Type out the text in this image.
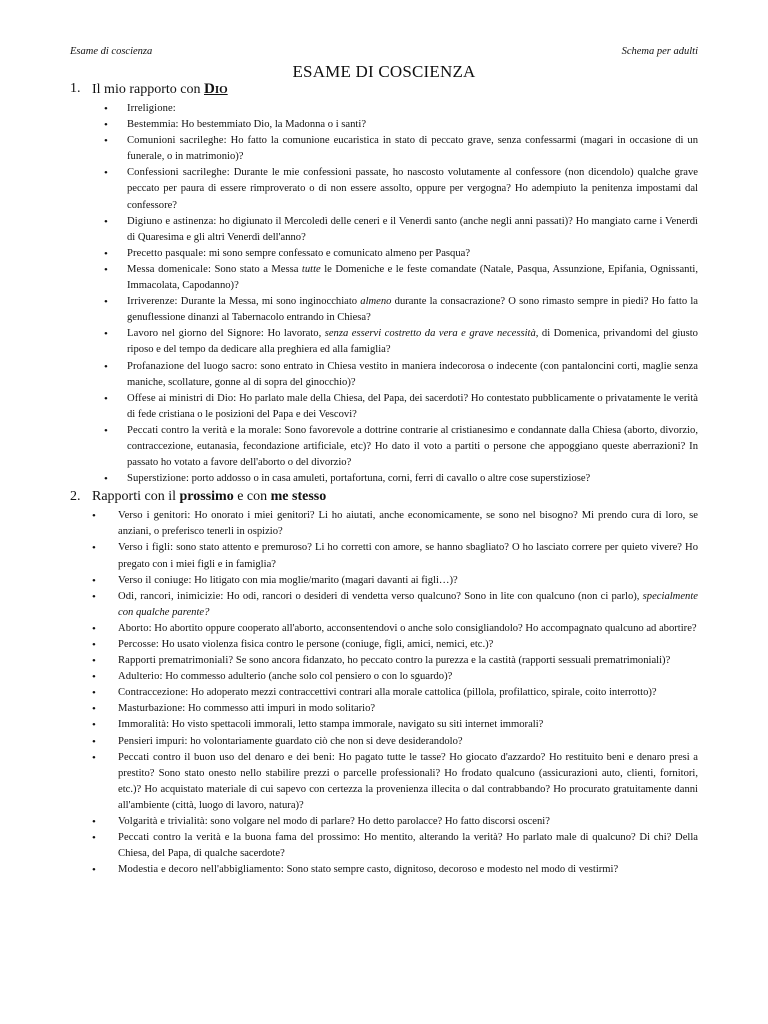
Esame di coscienza	Schema per adulti
ESAME DI COSCIENZA
1. Il mio rapporto con Dio
• Irreligione:
• Bestemmia: Ho bestemmiato Dio, la Madonna o i santi?
• Comunioni sacrileghe: Ho fatto la comunione eucaristica in stato di peccato grave, senza confessarmi (magari in occasione di un funerale, o in matrimonio)?
• Confessioni sacrileghe: Durante le mie confessioni passate, ho nascosto volutamente al confessore (non dicendolo) qualche grave peccato per paura di essere rimproverato o di non essere assolto, oppure per vergogna? Ho adempiuto la penitenza impostami dal confessore?
• Digiuno e astinenza: ho digiunato il Mercoledì delle ceneri e il Venerdì santo (anche negli anni passati)? Ho mangiato carne i Venerdì di Quaresima e gli altri Venerdì dell'anno?
• Precetto pasquale: mi sono sempre confessato e comunicato almeno per Pasqua?
• Messa domenicale: Sono stato a Messa tutte le Domeniche e le feste comandate (Natale, Pasqua, Assunzione, Epifania, Ognissanti, Immacolata, Capodanno)?
• Irriverenze: Durante la Messa, mi sono inginocchiato almeno durante la consacrazione? O sono rimasto sempre in piedi? Ho fatto la genuflessione dinanzi al Tabernacolo entrando in Chiesa?
• Lavoro nel giorno del Signore: Ho lavorato, senza esservi costretto da vera e grave necessità, di Domenica, privandomi del giusto riposo e del tempo da dedicare alla preghiera ed alla famiglia?
• Profanazione del luogo sacro: sono entrato in Chiesa vestito in maniera indecorosa o indecente (con pantaloncini corti, maglie senza maniche, scollature, gonne al di sopra del ginocchio)?
• Offese ai ministri di Dio: Ho parlato male della Chiesa, del Papa, dei sacerdoti? Ho contestato pubblicamente o privatamente le verità di fede cristiana o le posizioni del Papa e dei Vescovi?
• Peccati contro la verità e la morale: Sono favorevole a dottrine contrarie al cristianesimo e condannate dalla Chiesa (aborto, divorzio, contraccezione, eutanasia, fecondazione artificiale, etc)? Ho dato il voto a partiti o persone che appoggiano queste aberrazioni? In passato ho votato a favore dell'aborto o del divorzio?
• Superstizione: porto addosso o in casa amuleti, portafortuna, corni, ferri di cavallo o altre cose superstiziose?
2. Rapporti con il prossimo e con me stesso
• Verso i genitori: Ho onorato i miei genitori? Li ho aiutati, anche economicamente, se sono nel bisogno? Mi prendo cura di loro, se anziani, o preferisco tenerli in ospizio?
• Verso i figli: sono stato attento e premuroso? Li ho corretti con amore, se hanno sbagliato? O ho lasciato correre per quieto vivere? Ho pregato con i miei figli e in famiglia?
• Verso il coniuge: Ho litigato con mia moglie/marito (magari davanti ai figli…)?
• Odi, rancori, inimicizie: Ho odi, rancori o desideri di vendetta verso qualcuno? Sono in lite con qualcuno (non ci parlo), specialmente con qualche parente?
• Aborto: Ho abortito oppure cooperato all'aborto, acconsentendovi o anche solo consigliandolo? Ho accompagnato qualcuno ad abortire?
• Percosse: Ho usato violenza fisica contro le persone (coniuge, figli, amici, nemici, etc.)?
• Rapporti prematrimoniali? Se sono ancora fidanzato, ho peccato contro la purezza e la castità (rapporti sessuali prematrimoniali)?
• Adulterio: Ho commesso adulterio (anche solo col pensiero o con lo sguardo)?
• Contraccezione: Ho adoperato mezzi contraccettivi contrari alla morale cattolica (pillola, profilattico, spirale, coito interrotto)?
• Masturbazione: Ho commesso atti impuri in modo solitario?
• Immoralità: Ho visto spettacoli immorali, letto stampa immorale, navigato su siti internet immorali?
• Pensieri impuri: ho volontariamente guardato ciò che non si deve desiderandolo?
• Peccati contro il buon uso del denaro e dei beni: Ho pagato tutte le tasse? Ho giocato d'azzardo? Ho restituito beni e denaro presi a prestito? Sono stato onesto nello stabilire prezzi o parcelle professionali? Ho frodato qualcuno (assicurazioni auto, clienti, fornitori, etc.)? Ho acquistato materiale di cui sapevo con certezza la provenienza illecita o dal contrabbando? Ho procurato gratuitamente danni all'ambiente (città, luogo di lavoro, natura)?
• Volgarità e trivialità: sono volgare nel modo di parlare? Ho detto parolacce? Ho fatto discorsi osceni?
• Peccati contro la verità e la buona fama del prossimo: Ho mentito, alterando la verità? Ho parlato male di qualcuno? Di chi? Della Chiesa, del Papa, di qualche sacerdote?
• Modestia e decoro nell'abbigliamento: Sono stato sempre casto, dignitoso, decoroso e modesto nel modo di vestirmi?
